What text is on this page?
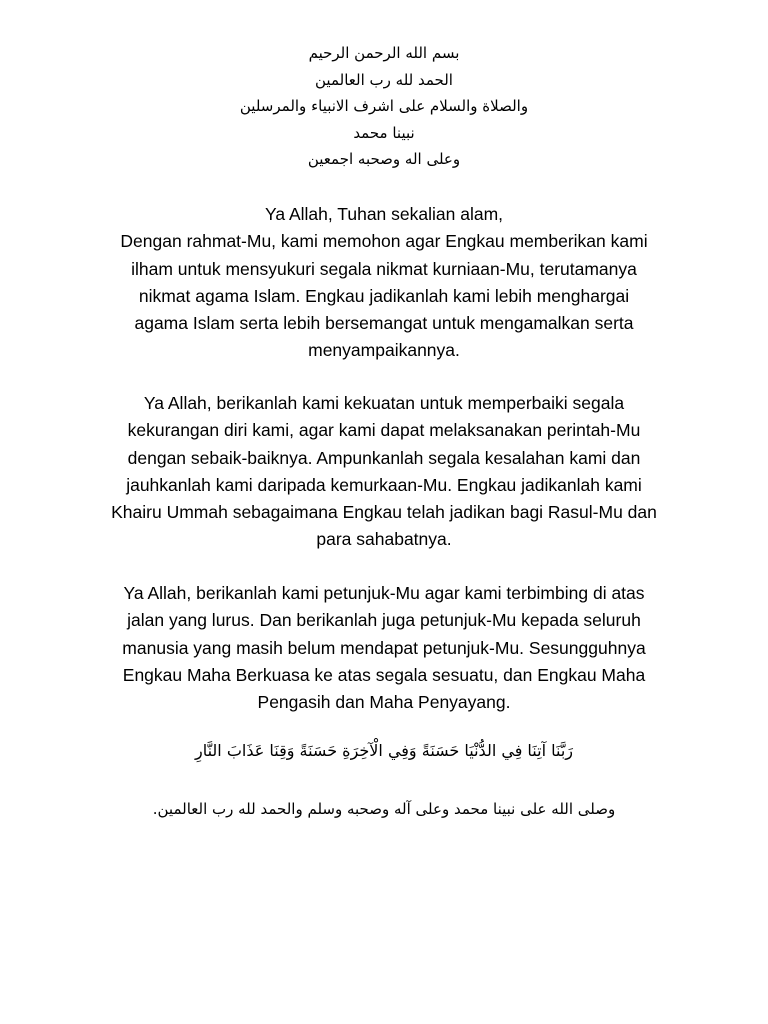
بسم الله الرحمن الرحيم
الحمد لله رب العالمين
والصلاة والسلام على اشرف الانبياء والمرسلين
نبينا محمد
وعلى اله وصحبه اجمعين
Ya Allah, Tuhan sekalian alam,
Dengan rahmat-Mu, kami memohon agar Engkau memberikan kami
ilham untuk mensyukuri segala nikmat kurniaan-Mu, terutamanya
nikmat agama Islam. Engkau jadikanlah kami lebih menghargai
agama Islam serta lebih bersemangat untuk mengamalkan serta
menyampaikannya.
Ya Allah, berikanlah kami kekuatan untuk memperbaiki segala
kekurangan diri kami, agar kami dapat melaksanakan perintah-Mu
dengan sebaik-baiknya. Ampunkanlah segala kesalahan kami dan
jauhkanlah kami daripada kemurkaan-Mu. Engkau jadikanlah kami
Khairu Ummah sebagaimana Engkau telah jadikan bagi Rasul-Mu dan
para sahabatnya.
Ya Allah, berikanlah kami petunjuk-Mu agar kami terbimbing di atas
jalan yang lurus. Dan berikanlah juga petunjuk-Mu kepada seluruh
manusia yang masih belum mendapat petunjuk-Mu. Sesungguhnya
Engkau Maha Berkuasa ke atas segala sesuatu, dan Engkau Maha
Pengasih dan Maha Penyayang.
رَبَّنَا آتِنَا فِي الدُّنْيَا حَسَنَةً وَفِي الْآخِرَةِ حَسَنَةً وَقِنَا عَذَابَ النَّارِ
وصلى الله على نبينا محمد وعلى آله وصحبه وسلم والحمد لله رب العالمين.
